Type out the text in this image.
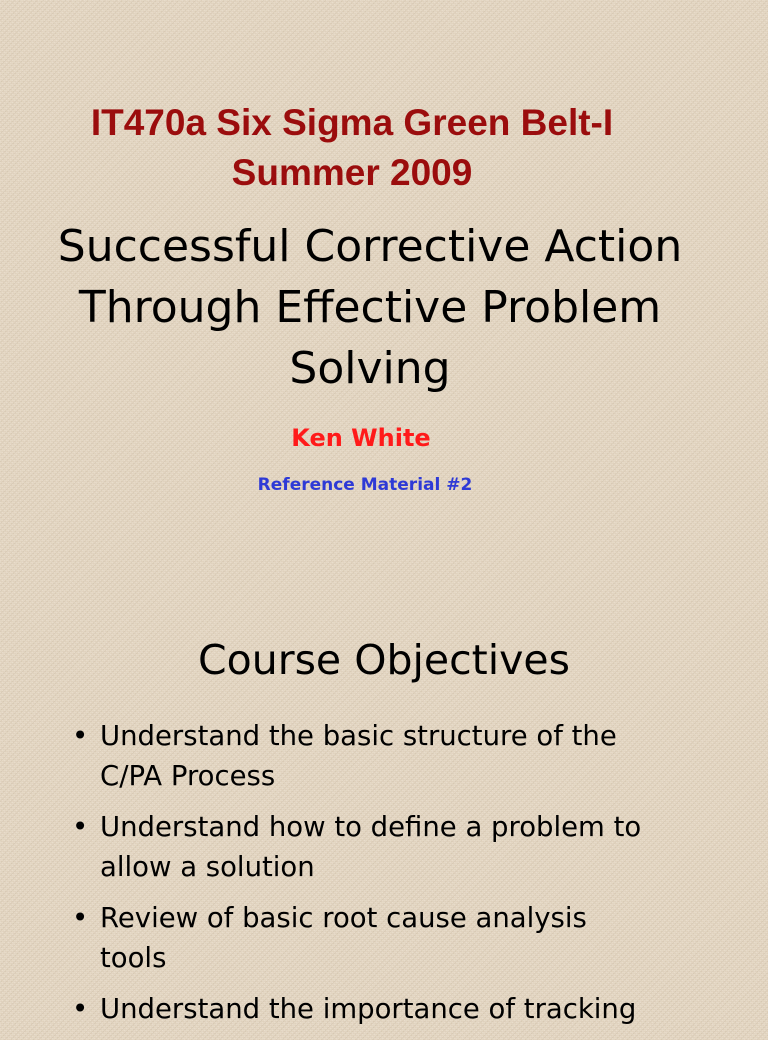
IT470a Six Sigma Green Belt-I
Summer 2009
Successful Corrective Action
Through Effective Problem
Solving

Ken White

Reference Material #2

Course Objectives
• Understand the basic structure of the
C/PA Process
• Understand how to define a problem to
allow a solution
• Review of basic root cause analysis
tools
• Understand the importance of tracking
